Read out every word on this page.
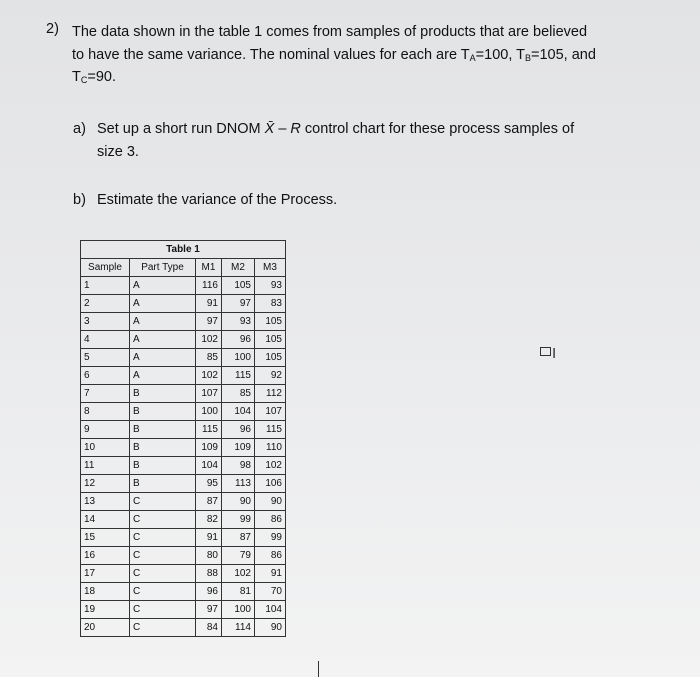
2) The data shown in the table 1 comes from samples of products that are believed
to have the same variance. The nominal values for each are $T_A=100$, $T_B=105$, and
$T_C=90$.
a) Set up a short run DNOM X̄ – R control chart for these process samples of
size 3.
b) Estimate the variance of the Process.
Table 1				
Sample	Part Type	M1	M2	M3
1	A	116	105	93
2	A	91	97	83
3	A	97	93	105
4	A	102	96	105
5	A	85	100	105
6	A	102	115	92
7	B	107	85	112
8	B	100	104	107
9	B	115	96	115
10	B	109	109	110
11	B	104	98	102
12	B	95	113	106
13	C	87	90	90
14	C	82	99	86
15	C	91	87	99
16	C	80	79	86
17	C	88	102	91
18	C	96	81	70
19	C	97	100	104
20	C	84	114	90
I
